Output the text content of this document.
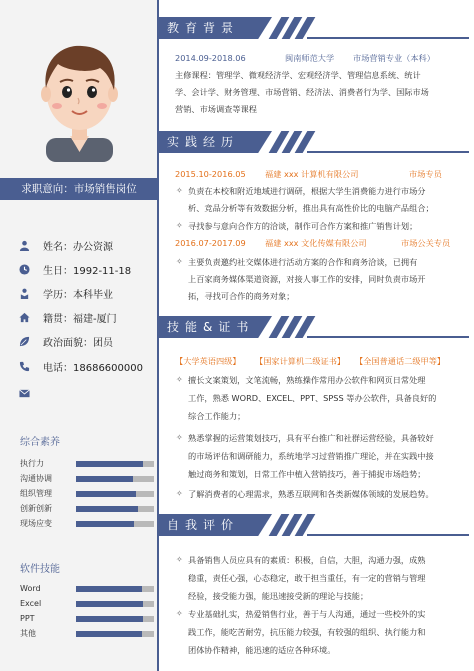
求职意向：市场销售岗位
姓名：办公资源
生日：1992-11-18
学历：本科毕业
籍贯：福建-厦门
政治面貌：团员
电话：18686600000
综合素养
执行力
沟通协调
组织管理
创新创新
现场应变
软件技能
Word
Excel
PPT
其他
教育背景
实践经历
技能&证书
自我评价
2014.09-2018.06	闽南师范大学 市场营销专业（本科）
主修课程：管理学、微观经济学、宏观经济学、管理信息系统、统计
学、会计学、财务管理、市场营销、经济法、消费者行为学、国际市场
营销、市场调查等课程
2015.10-2016.05 福建 xxx 计算机有限公司	市场专员
✧ 负责在本校和附近地域进行调研，根据大学生消费能力进行市场分
析、竞品分析等有效数据分析，推出具有高性价比的电脑产品组合；
✧ 寻找参与意向合作方的洽谈，制作可合作方案和推广销售计划；
2016.07-2017.09 福建 xxx 文化传媒有限公司	市场公关专员
✧ 主要负责邀约社交媒体进行活动方案的合作和商务洽谈，已拥有
上百家商务媒体渠道资源，对接人事工作的安排，同时负责市场开
拓，寻找可合作的商务对象；
【大学英语四级】 【国家计算机二级证书】 【全国普通话二级甲等】
✧ 擅长文案策划，文笔流畅，熟练操作常用办公软件和网页日常处理
工作，熟悉 WORD、EXCEL、PPT、SPSS 等办公软件，具备良好的
综合工作能力；
✧ 熟悉掌握的运营策划技巧，具有平台推广和社群运营经验，具备较好
的市场评估和调研能力，系统地学习过营销推广理论，并在实践中接
触过商务和策划，日常工作中植入营销技巧，善于捕捉市场趋势；
✧ 了解消费者的心理需求，熟悉互联网和各类新媒体领域的发展趋势。
✧ 具备销售人员应具有的素质：积极，自信，大胆，沟通力强，成熟
稳重，责任心强，心态稳定，敢于担当重任，有一定的营销与管理
经验，接受能力强，能迅速接受新的理论与技能；
✧ 专业基础扎实，热爱销售行业，善于与人沟通，通过一些校外的实
践工作，能吃苦耐劳，抗压能力较强，有较强的组织、执行能力和
团体协作精神，能迅速的适应各种环境。
